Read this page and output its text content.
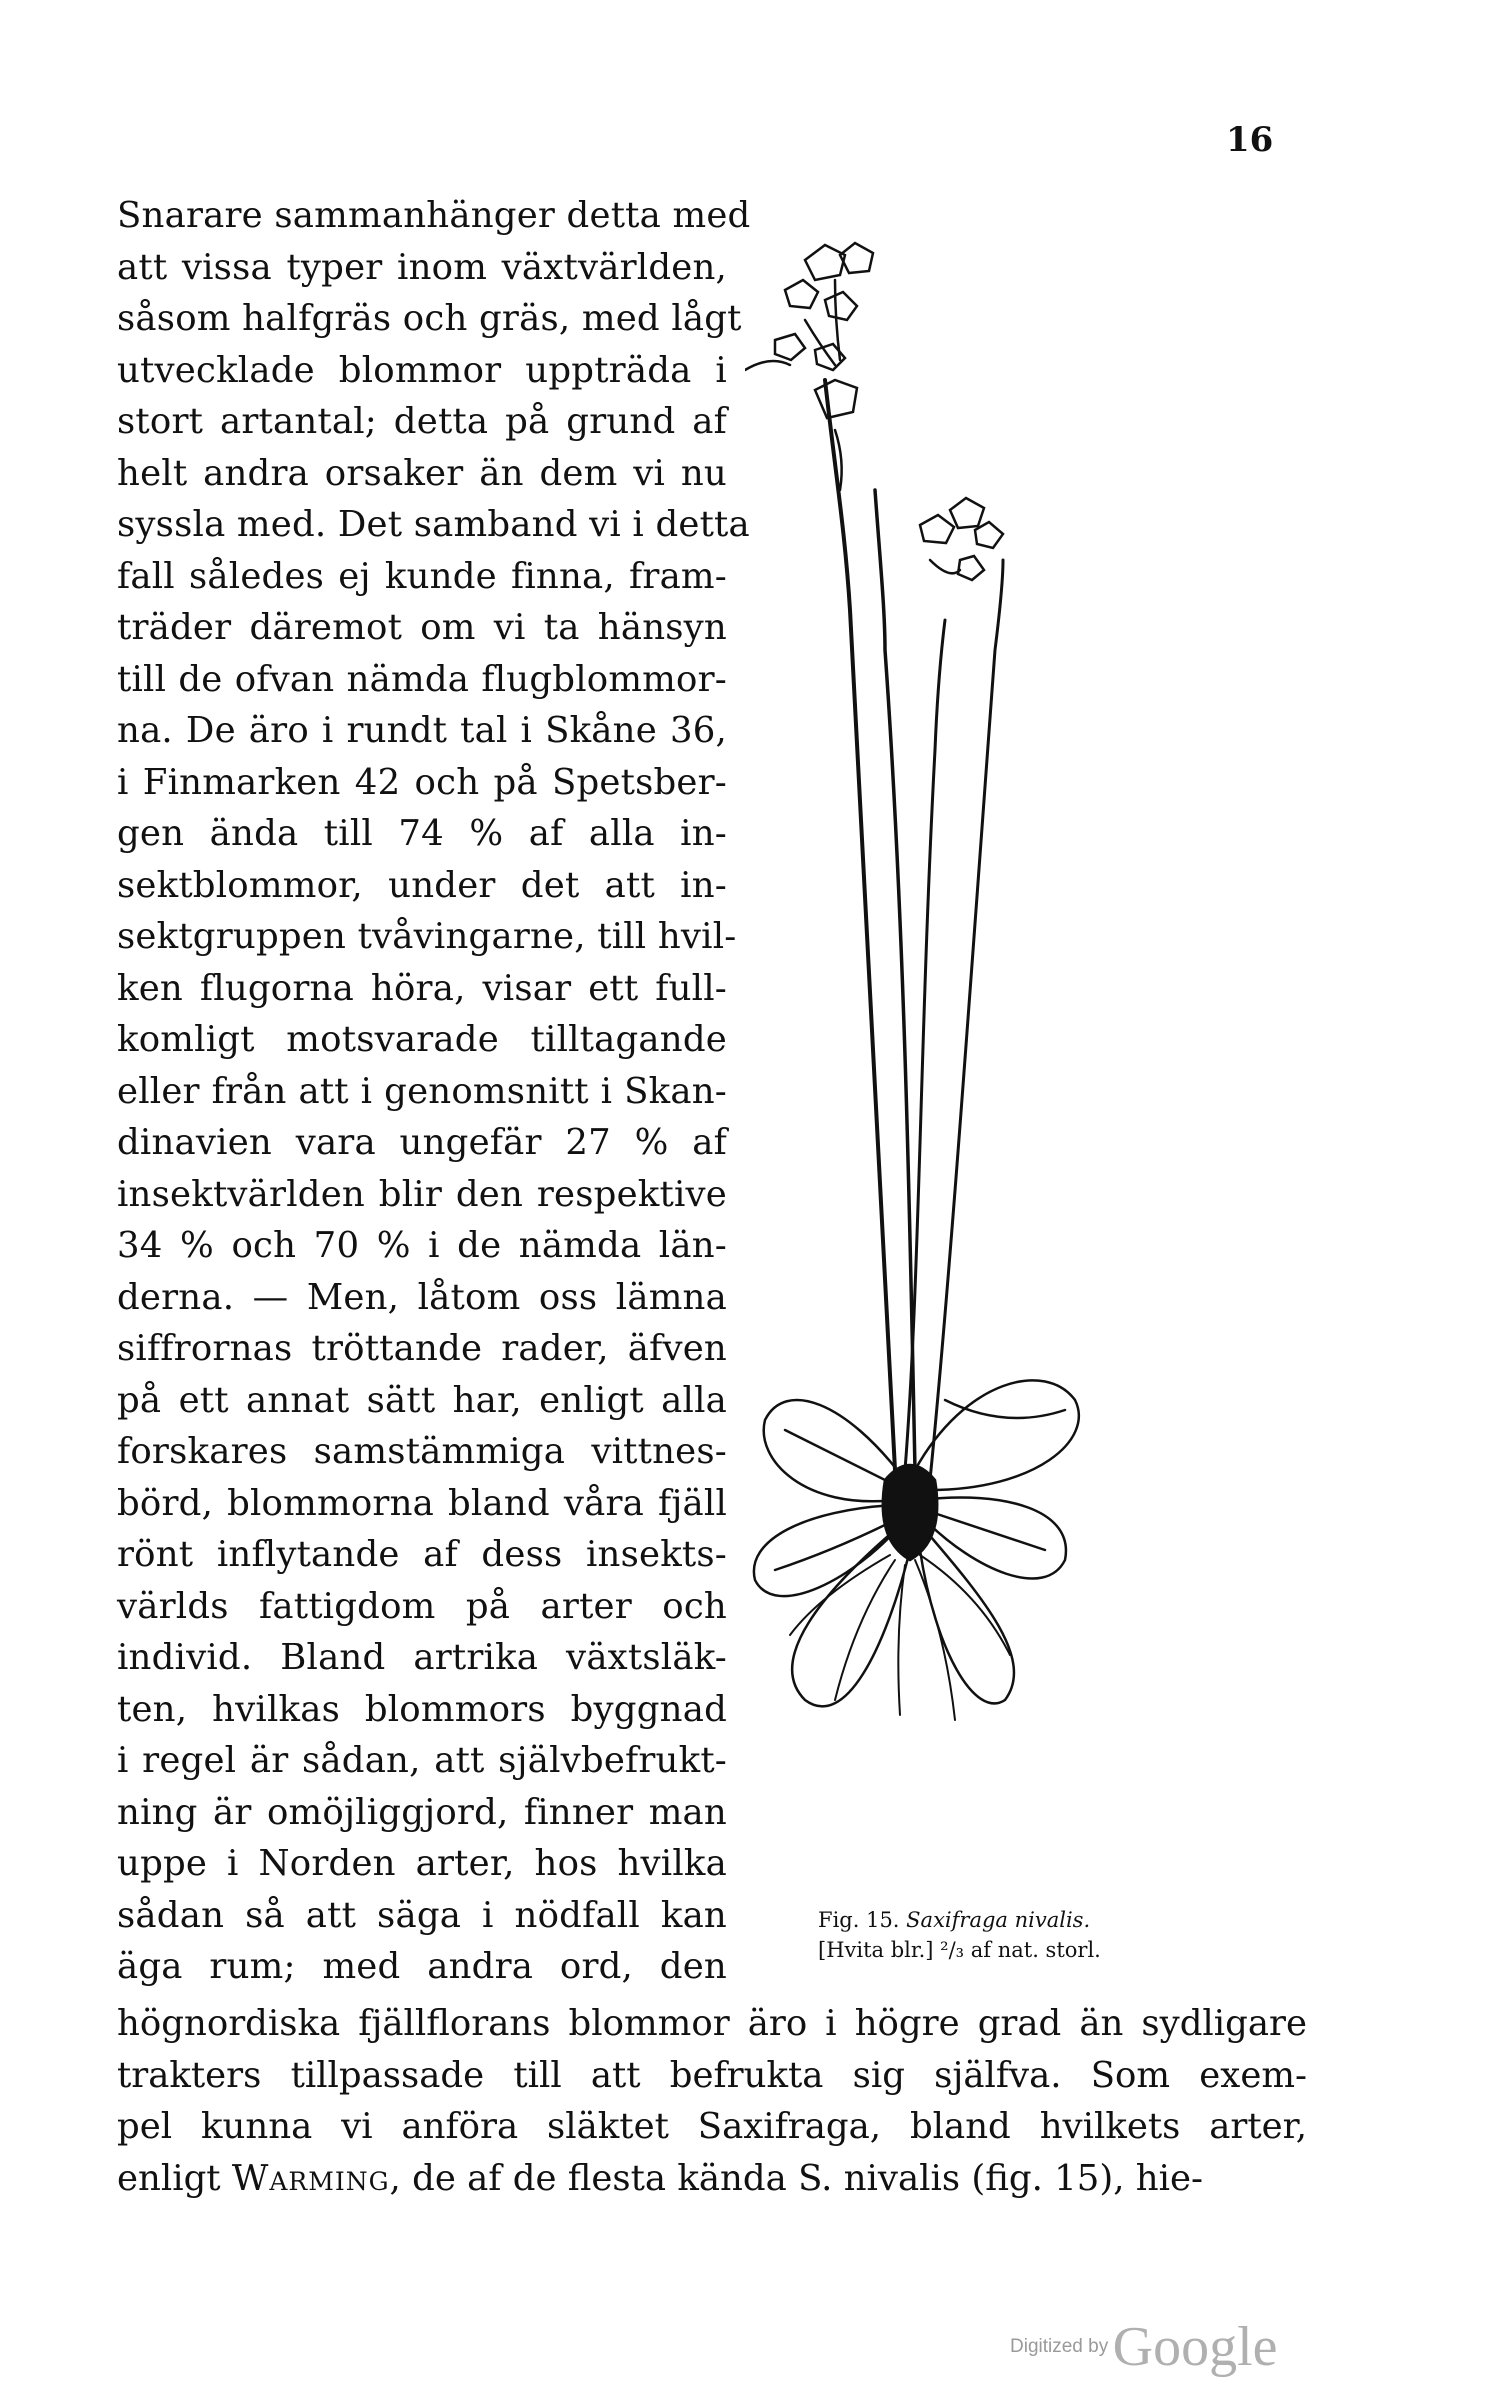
16
Snarare sammanhänger detta med
att vissa typer inom växtvärlden,
såsom halfgräs och gräs, med lågt
utvecklade blommor uppträda i
stort artantal; detta på grund af
helt andra orsaker än dem vi nu
syssla med. Det samband vi i detta
fall således ej kunde finna, fram-
träder däremot om vi ta hänsyn
till de ofvan nämda flugblommor-
na. De äro i rundt tal i Skåne 36,
i Finmarken 42 och på Spetsber-
gen ända till 74 % af alla in-
sektblommor, under det att in-
sektgruppen tvåvingarne, till hvil-
ken flugorna höra, visar ett full-
komligt motsvarade tilltagande
eller från att i genomsnitt i Skan-
dinavien vara ungefär 27 % af
insektvärlden blir den respektive
34 % och 70 % i de nämda län-
derna. — Men, låtom oss lämna
siffrornas tröttande rader, äfven
på ett annat sätt har, enligt alla
forskares samstämmiga vittnes-
börd, blommorna bland våra fjäll
rönt inflytande af dess insekts-
världs fattigdom på arter och
individ. Bland artrika växtsläk-
ten, hvilkas blommors byggnad
i regel är sådan, att självbefrukt-
ning är omöjliggjord, finner man
uppe i Norden arter, hos hvilka
sådan så att säga i nödfall kan
äga rum; med andra ord, den
Fig. 15. Saxifraga nivalis.
[Hvita blr.] ²/₃ af nat. storl.
högnordiska fjällflorans blommor äro i högre grad än sydligare
trakters tillpassade till att befrukta sig själfva. Som exem-
pel kunna vi anföra släktet Saxifraga, bland hvilkets arter,
enligt Warming, de af de flesta kända S. nivalis (fig. 15), hie-
Digitized by Google
